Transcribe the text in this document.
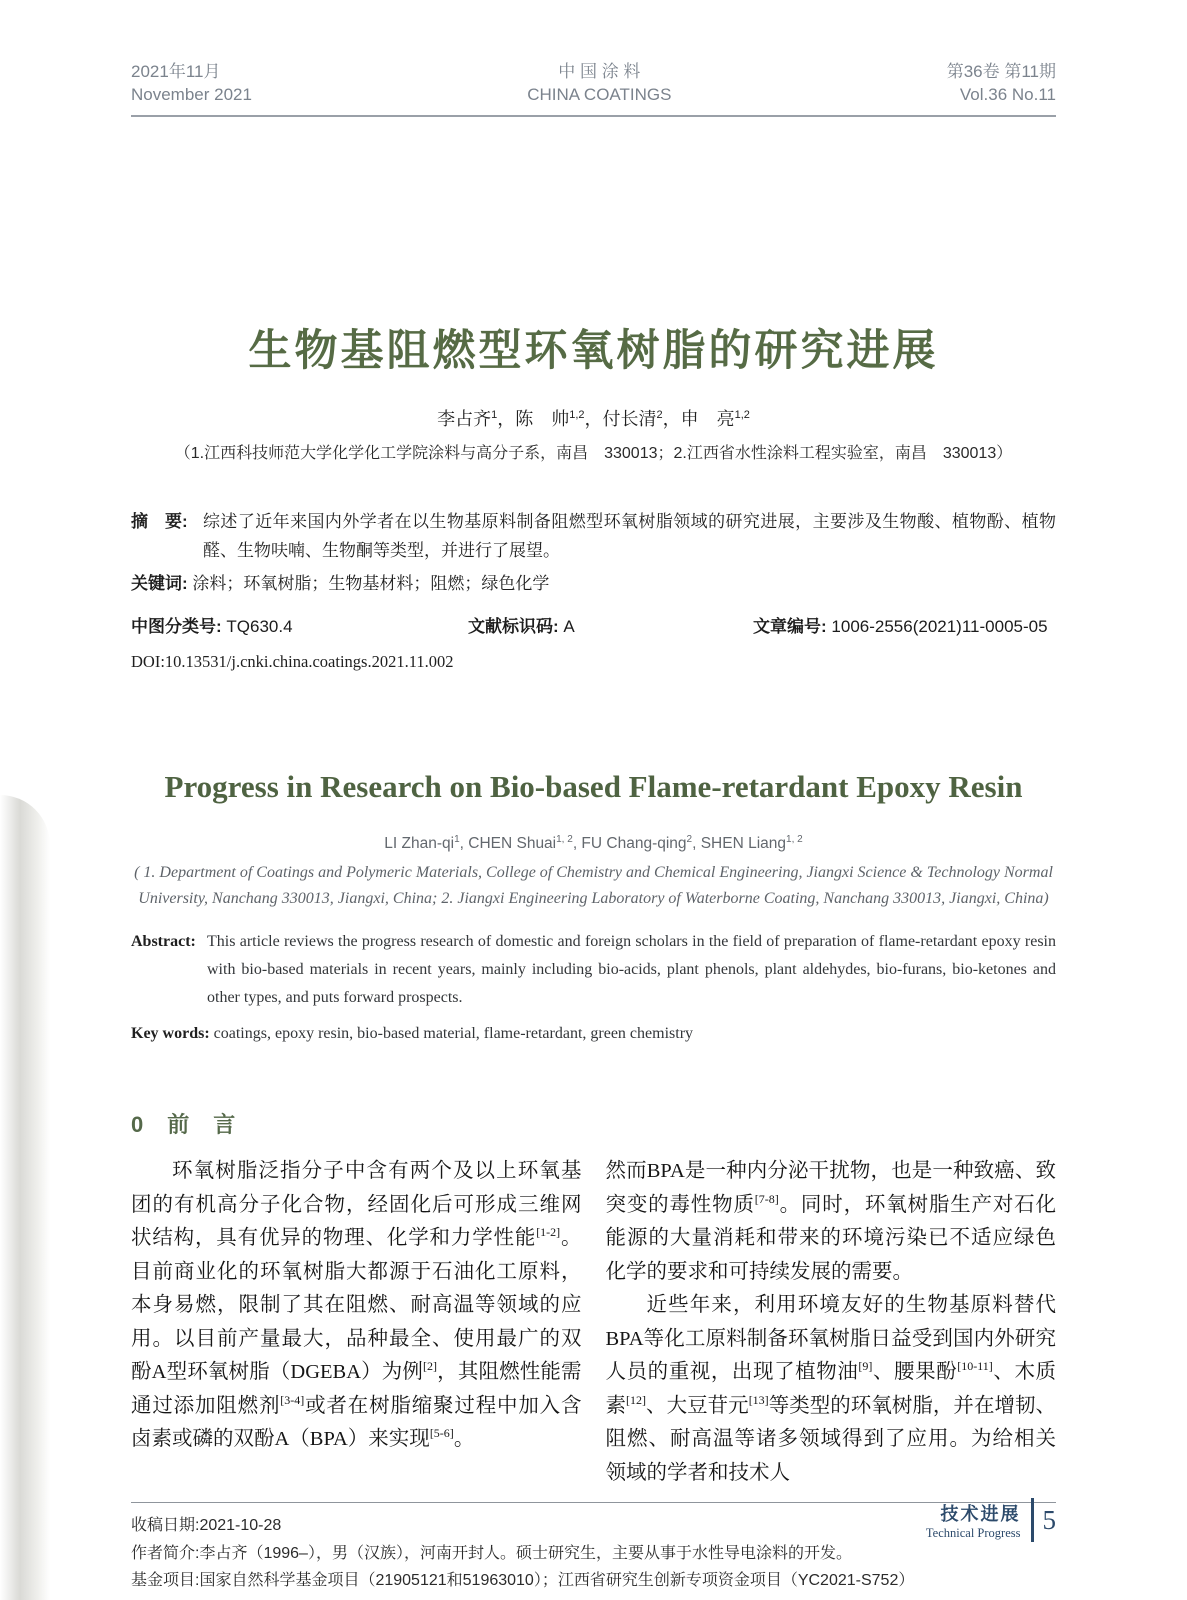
2021年11月
November 2021
中 国 涂 料
CHINA COATINGS
第36卷 第11期
Vol.36 No.11
生物基阻燃型环氧树脂的研究进展
李占齐$^1$，陈　帅$^{1,2}$，付长清$^2$，申　亮$^{1,2}$
（1.江西科技师范大学化学化工学院涂料与高分子系，南昌　330013；2.江西省水性涂料工程实验室，南昌　330013）
摘　要: 综述了近年来国内外学者在以生物基原料制备阻燃型环氧树脂领域的研究进展，主要涉及生物酸、植物酚、植物醛、生物呋喃、生物酮等类型，并进行了展望。
关键词: 涂料；环氧树脂；生物基材料；阻燃；绿色化学
中图分类号: TQ630.4	文献标识码: A	文章编号: 1006-2556(2021)11-0005-05
DOI:10.13531/j.cnki.china.coatings.2021.11.002
Progress in Research on Bio-based Flame-retardant Epoxy Resin
LI Zhan-$qi^1$, CHEN Shuai$^{1, 2}$, FU Chang-qing$^2$, SHEN Liang$^{1, 2}$
( 1. Department of Coatings and Polymeric Materials, College of Chemistry and Chemical Engineering, Jiangxi Science & Technology Normal University, Nanchang 330013, Jiangxi, China; 2. Jiangxi Engineering Laboratory of Waterborne Coating, Nanchang 330013, Jiangxi, China)
Abstract: This article reviews the progress research of domestic and foreign scholars in the field of preparation of flame-retardant epoxy resin with bio-based materials in recent years, mainly including bio-acids, plant phenols, plant aldehydes, bio-furans, bio-ketones and other types, and puts forward prospects.
Key words: coatings, epoxy resin, bio-based material, flame-retardant, green chemistry
0　前　言

环氧树脂泛指分子中含有两个及以上环氧基团的有机高分子化合物，经固化后可形成三维网状结构，具有优异的物理、化学和力学性能[1-2]。目前商业化的环氧树脂大都源于石油化工原料，本身易燃，限制了其在阻燃、耐高温等领域的应用。以目前产量最大，品种最全、使用最广的双酚A型环氧树脂（DGEBA）为例[2]，其阻燃性能需通过添加阻燃剂[3-4]或者在树脂缩聚过程中加入含卤素或磷的双酚A（BPA）来实现[5-6]。

然而BPA是一种内分泌干扰物，也是一种致癌、致突变的毒性物质[7-8]。同时，环氧树脂生产对石化能源的大量消耗和带来的环境污染已不适应绿色化学的要求和可持续发展的需要。

近些年来，利用环境友好的生物基原料替代BPA等化工原料制备环氧树脂日益受到国内外研究人员的重视，出现了植物油[9]、腰果酚[10-11]、木质素[12]、大豆苷元[13]等类型的环氧树脂，并在增韧、阻燃、耐高温等诸多领域得到了应用。为给相关领域的学者和技术人

收稿日期:2021-10-28
作者简介:李占齐（1996–），男（汉族），河南开封人。硕士研究生，主要从事于水性导电涂料的开发。
基金项目:国家自然科学基金项目（21905121和51963010）；江西省研究生创新专项资金项目（YC2021-S752）
技术进展
Technical Progress 5
